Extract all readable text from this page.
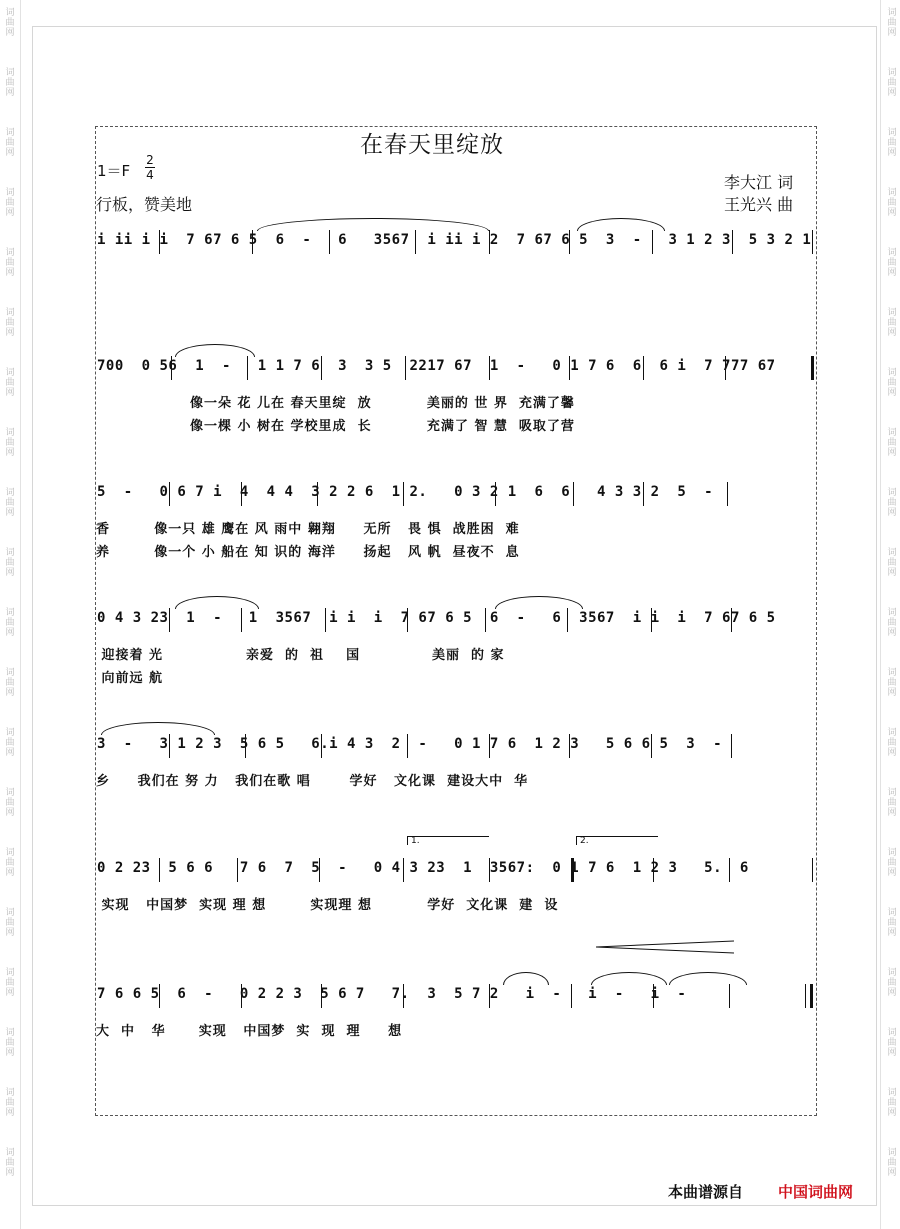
词
曲
网
词
曲
网
词
曲
网
词
曲
网
词
曲
网
词
曲
网
词
曲
网
词
曲
网
词
曲
网
词
曲
网
词
曲
网
词
曲
网
词
曲
网
词
曲
网
词
曲
网
词
曲
网
词
曲
网
词
曲
网
词
曲
网
词
曲
网
词
曲
网
词
曲
网
词
曲
网
词
曲
网
词
曲
网
词
曲
网
词
曲
网
词
曲
网
词
曲
网
词
曲
网
词
曲
网
词
曲
网
词
曲
网
词
曲
网
词
曲
网
词
曲
网
词
曲
网
词
曲
网
词
曲
网
词
曲
网
在春天里绽放
1＝F
2
4
行板，赞美地
李大江 词
王光兴 曲
i ii i i  7 67 6 5  6  -   6   3567  i ii i 2  7 67 6 5  3  -   3 1 2 3  5 3 2 1
700  0 56  1  -   1 1 7 6  3  3 5  2217 67  1  -   0 1 7 6  6  6 i  7 777 67
像一朵 花 儿在 春天里绽  放          美丽的 世 界  充满了馨
像一棵 小 树在 学校里成  长          充满了 智 慧  吸取了营
5  -   0 6 7 i  4  4 4  3 2 2 6  1 2.   0 3 2 1  6  6   4 3 3 2  5  -
香        像一只 雄 鹰在 风 雨中 翱翔     无所   畏 惧  战胜困  难
养        像一个 小 船在 知 识的 海洋     扬起   风 帆  昼夜不  息
0 4 3 23  1  -   1  3567  i i  i  7 67 6 5  6  -   6  3567  i i  i  7 67 6 5
迎接着 光               亲爱  的  祖    国             美丽  的 家
向前远 航
3  -   3 1 2 3  5 6 5   6.i 4 3  2  -   0 1 7 6  1 2 3   5 6 6 5  3  -
乡     我们在 努 力   我们在歌 唱       学好   文化课  建设大中  华
1.	2.
0 2 23  5 6 6   7 6  7  5  -   0 4 3 23  1  3567:  0 1 7 6  1 2 3   5.  6
实现   中国梦  实现 理 想        实现理 想          学好  文化课  建  设
7 6 6 5  6  -   0 2 2 3  5 6 7   7.  3  5 7 2   i  -   i  -   i  -
大  中   华      实现   中国梦  实  现  理     想
本曲谱源自 中国词曲网
